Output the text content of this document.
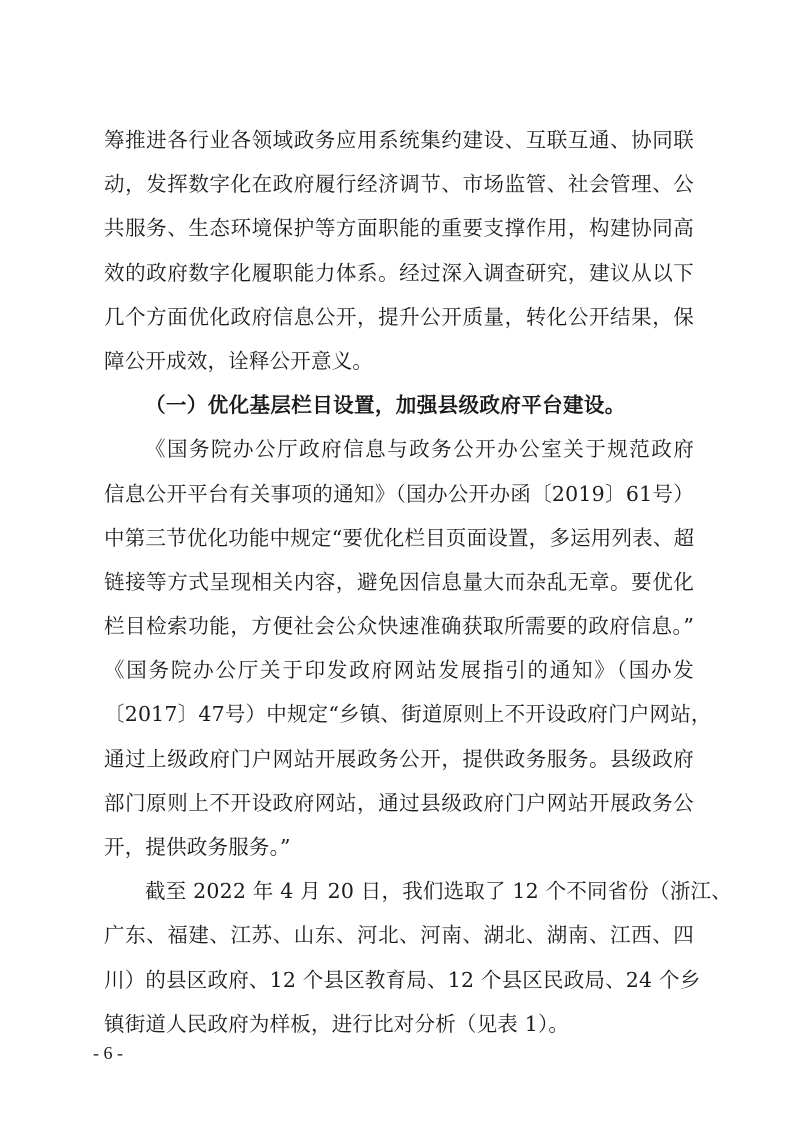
筹推进各行业各领域政务应用系统集约建设、互联互通、协同联
动，发挥数字化在政府履行经济调节、市场监管、社会管理、公
共服务、生态环境保护等方面职能的重要支撑作用，构建协同高
效的政府数字化履职能力体系。经过深入调查研究，建议从以下
几个方面优化政府信息公开，提升公开质量，转化公开结果，保
障公开成效，诠释公开意义。
（一）优化基层栏目设置，加强县级政府平台建设。
《国务院办公厅政府信息与政务公开办公室关于规范政府
信息公开平台有关事项的通知》（国办公开办函〔2019〕61号）
中第三节优化功能中规定“要优化栏目页面设置，多运用列表、超
链接等方式呈现相关内容，避免因信息量大而杂乱无章。要优化
栏目检索功能，方便社会公众快速准确获取所需要的政府信息。”
《国务院办公厅关于印发政府网站发展指引的通知》（国办发
〔2017〕47号）中规定“乡镇、街道原则上不开设政府门户网站，
通过上级政府门户网站开展政务公开，提供政务服务。县级政府
部门原则上不开设政府网站，通过县级政府门户网站开展政务公
开，提供政务服务。”
截至 2022 年 4 月 20 日，我们选取了 12 个不同省份（浙江、
广东、福建、江苏、山东、河北、河南、湖北、湖南、江西、四
川）的县区政府、12 个县区教育局、12 个县区民政局、24 个乡
镇街道人民政府为样板，进行比对分析（见表 1）。
- 6 -
